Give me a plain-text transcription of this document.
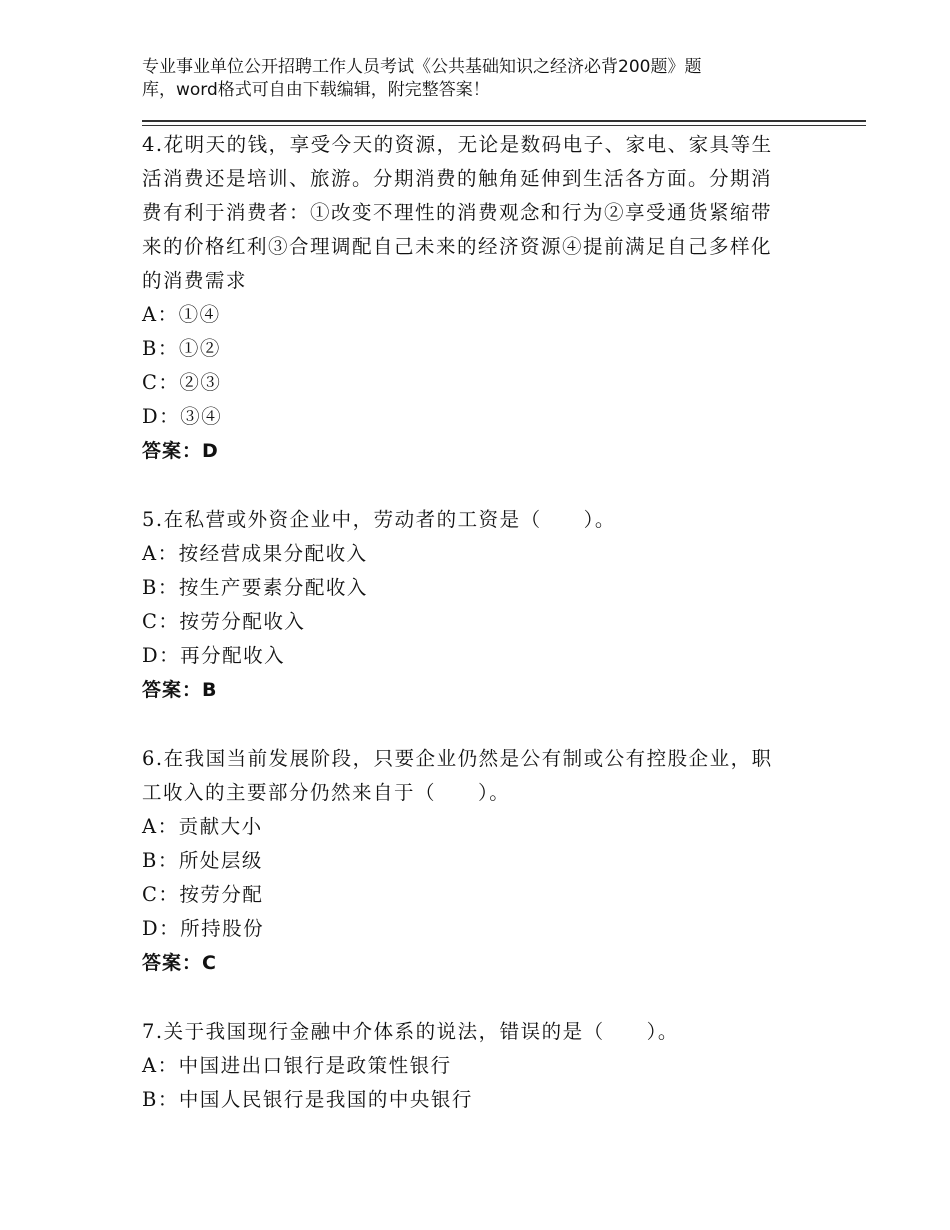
专业事业单位公开招聘工作人员考试《公共基础知识之经济必背200题》题
库，word格式可自由下载编辑，附完整答案！
4.花明天的钱，享受今天的资源，无论是数码电子、家电、家具等生
活消费还是培训、旅游。分期消费的触角延伸到生活各方面。分期消
费有利于消费者：①改变不理性的消费观念和行为②享受通货紧缩带
来的价格红利③合理调配自己未来的经济资源④提前满足自己多样化
的消费需求
A：①④
B：①②
C：②③
D：③④
答案：D
5.在私营或外资企业中，劳动者的工资是（　　）。
A：按经营成果分配收入
B：按生产要素分配收入
C：按劳分配收入
D：再分配收入
答案：B
6.在我国当前发展阶段，只要企业仍然是公有制或公有控股企业，职
工收入的主要部分仍然来自于（　　）。
A：贡献大小
B：所处层级
C：按劳分配
D：所持股份
答案：C
7.关于我国现行金融中介体系的说法，错误的是（　　）。
A：中国进出口银行是政策性银行
B：中国人民银行是我国的中央银行
